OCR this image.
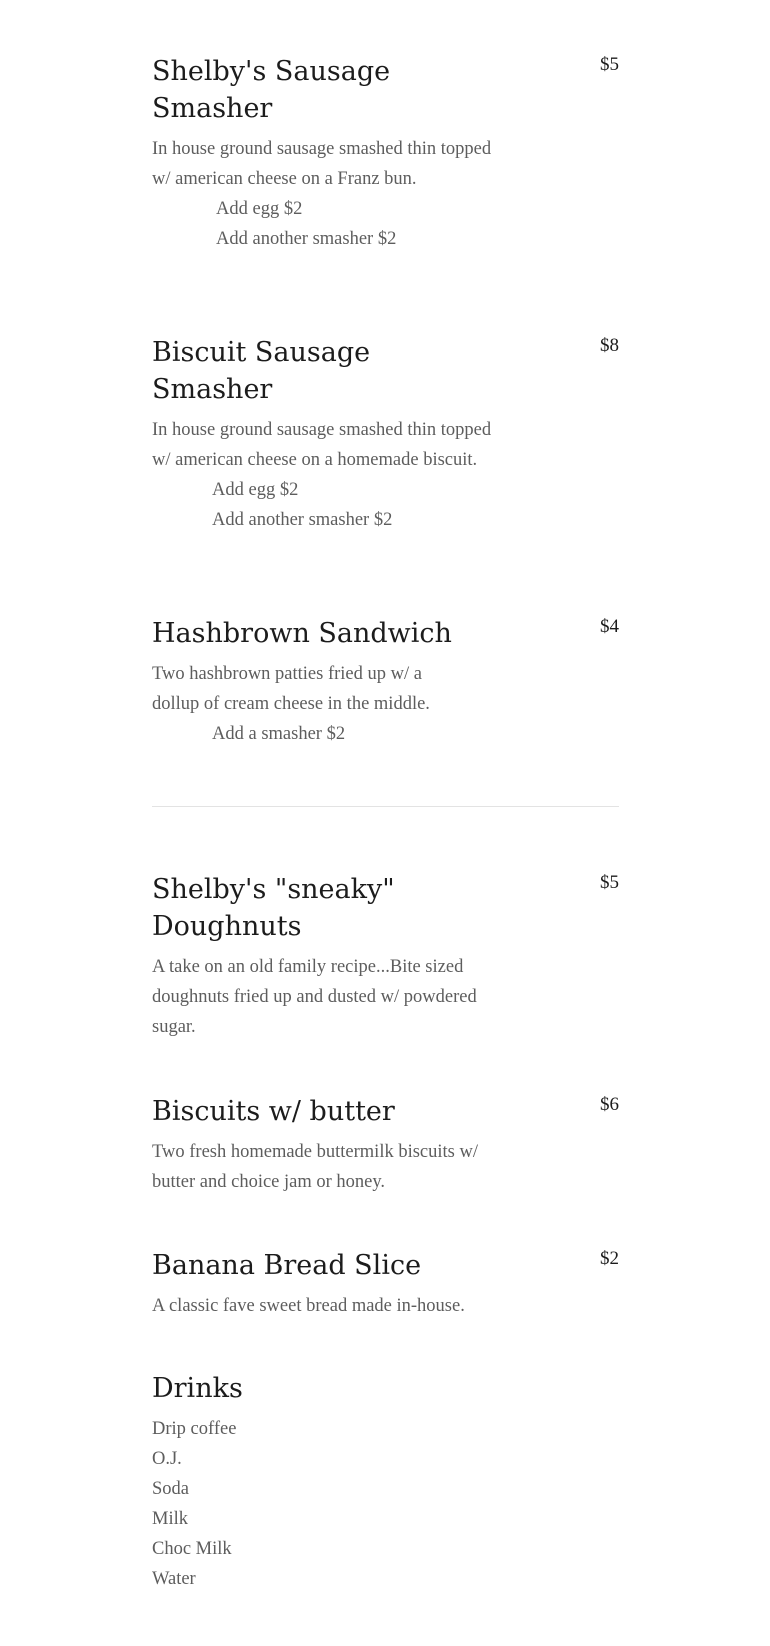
Shelby's Sausage Smasher
$5
In house ground sausage smashed thin topped w/ american cheese on a Franz bun.
Add egg $2
Add another smasher $2
Biscuit Sausage Smasher
$8
In house ground sausage smashed thin topped w/ american cheese on a homemade biscuit.
Add egg $2
Add another smasher $2
Hashbrown Sandwich	$4
Two hashbrown patties fried up w/ a dollup of cream cheese in the middle.
Add a smasher $2
Shelby's "sneaky" Doughnuts
$5
A take on an old family recipe...Bite sized doughnuts fried up and dusted w/ powdered sugar.
Biscuits w/ butter	$6
Two fresh homemade buttermilk biscuits w/ butter and choice jam or honey.
Banana Bread Slice	$2
A classic fave sweet bread made in-house.
Drinks
Drip coffee
O.J.
Soda
Milk
Choc Milk
Water
